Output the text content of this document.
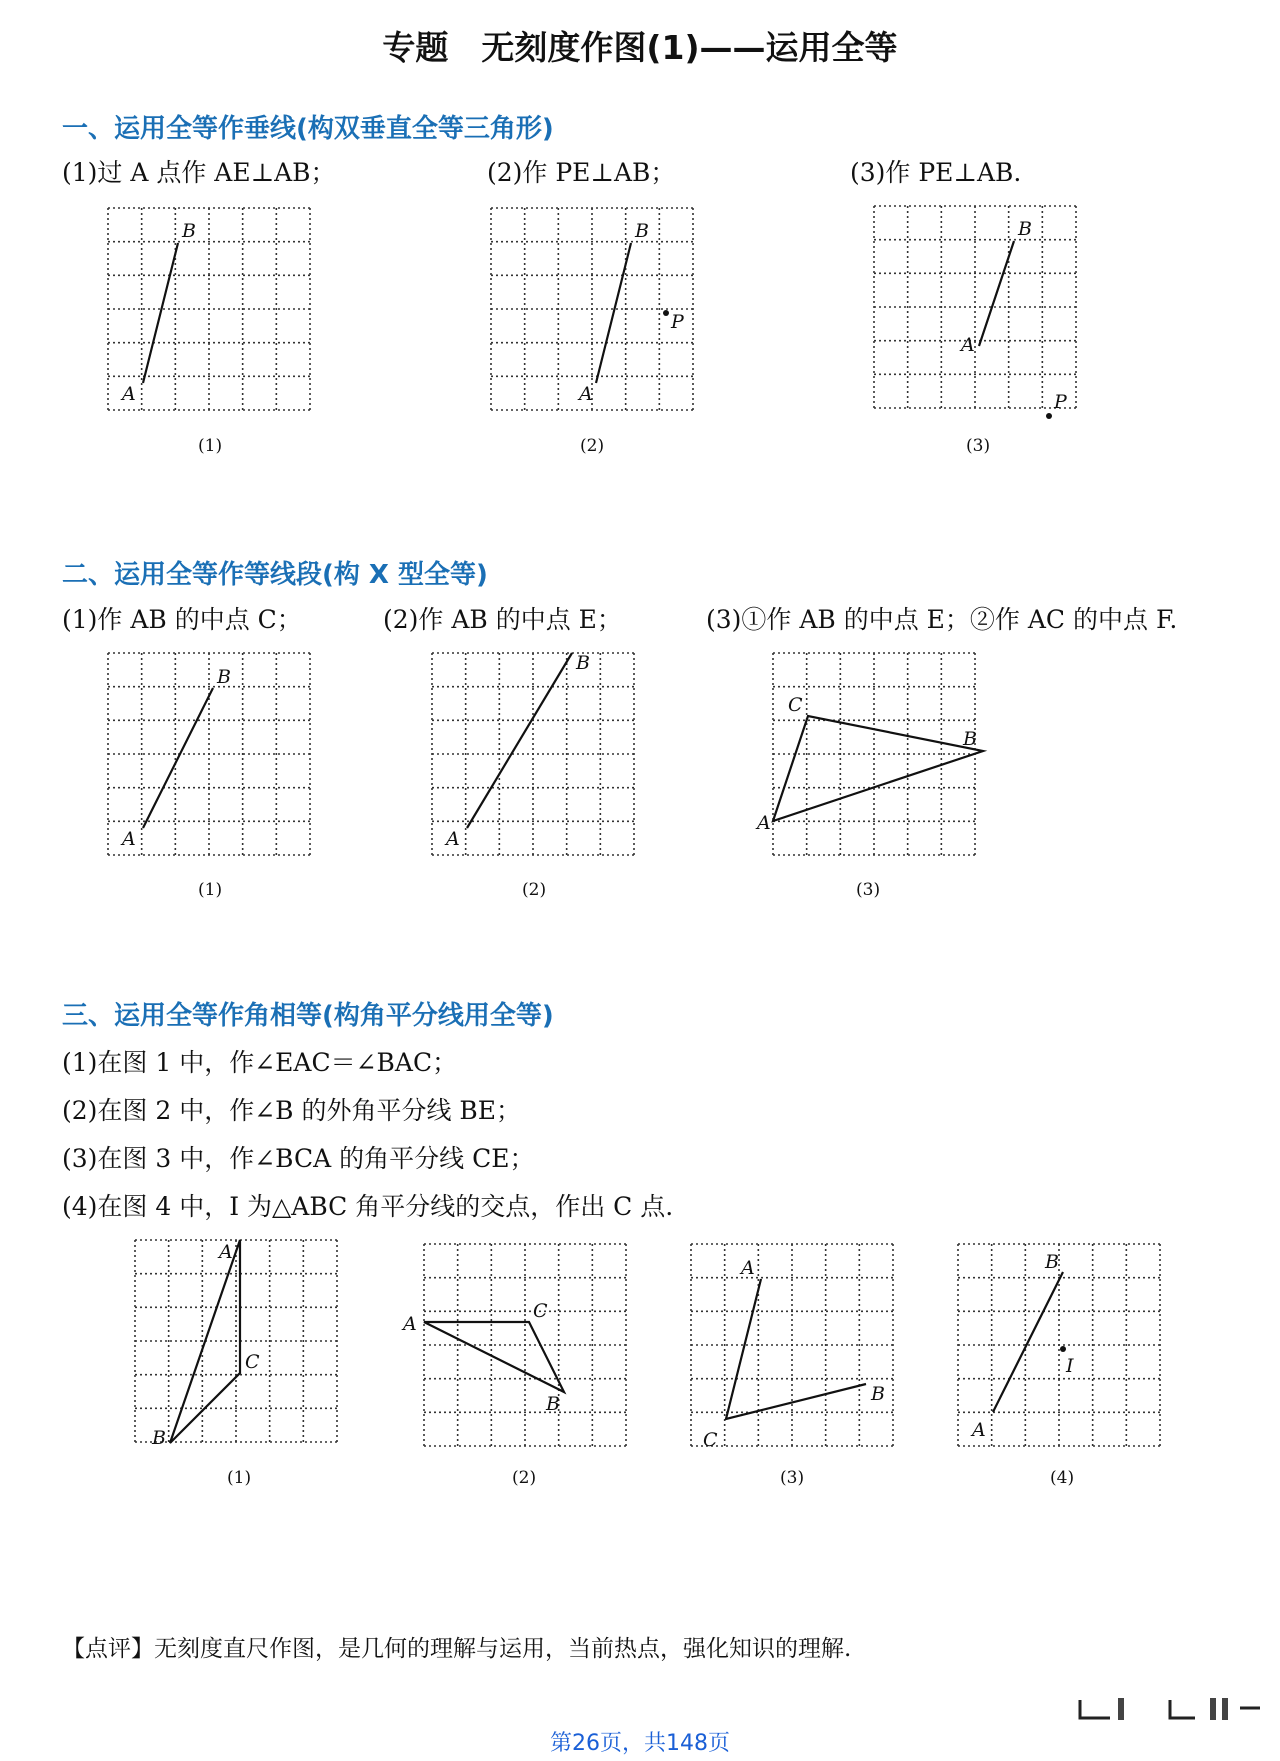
专题　无刻度作图(1)——运用全等
一、运用全等作垂线(构双垂直全等三角形)
(1)过 A 点作 AE⊥AB；	(2)作 PE⊥AB；	(3)作 PE⊥AB.
B
A
(1)
B
A
P
(2)
B
A
P
(3)
二、运用全等作等线段(构 X 型全等)
(1)作 AB 的中点 C；	(2)作 AB 的中点 E；	(3)①作 AB 的中点 E；②作 AC 的中点 F.
B
A
(1)
B
A
(2)
C
B
A
(3)
三、运用全等作角相等(构角平分线用全等)
(1)在图 1 中，作∠EAC＝∠BAC；
(2)在图 2 中，作∠B 的外角平分线 BE；
(3)在图 3 中，作∠BCA 的角平分线 CE；
(4)在图 4 中，I 为△ABC 角平分线的交点，作出 C 点.
A
C
B
(1)
A
C
B
(2)
A
C
B
(3)
B
I
A
(4)
【点评】无刻度直尺作图，是几何的理解与运用，当前热点，强化知识的理解.
第26页，共148页
